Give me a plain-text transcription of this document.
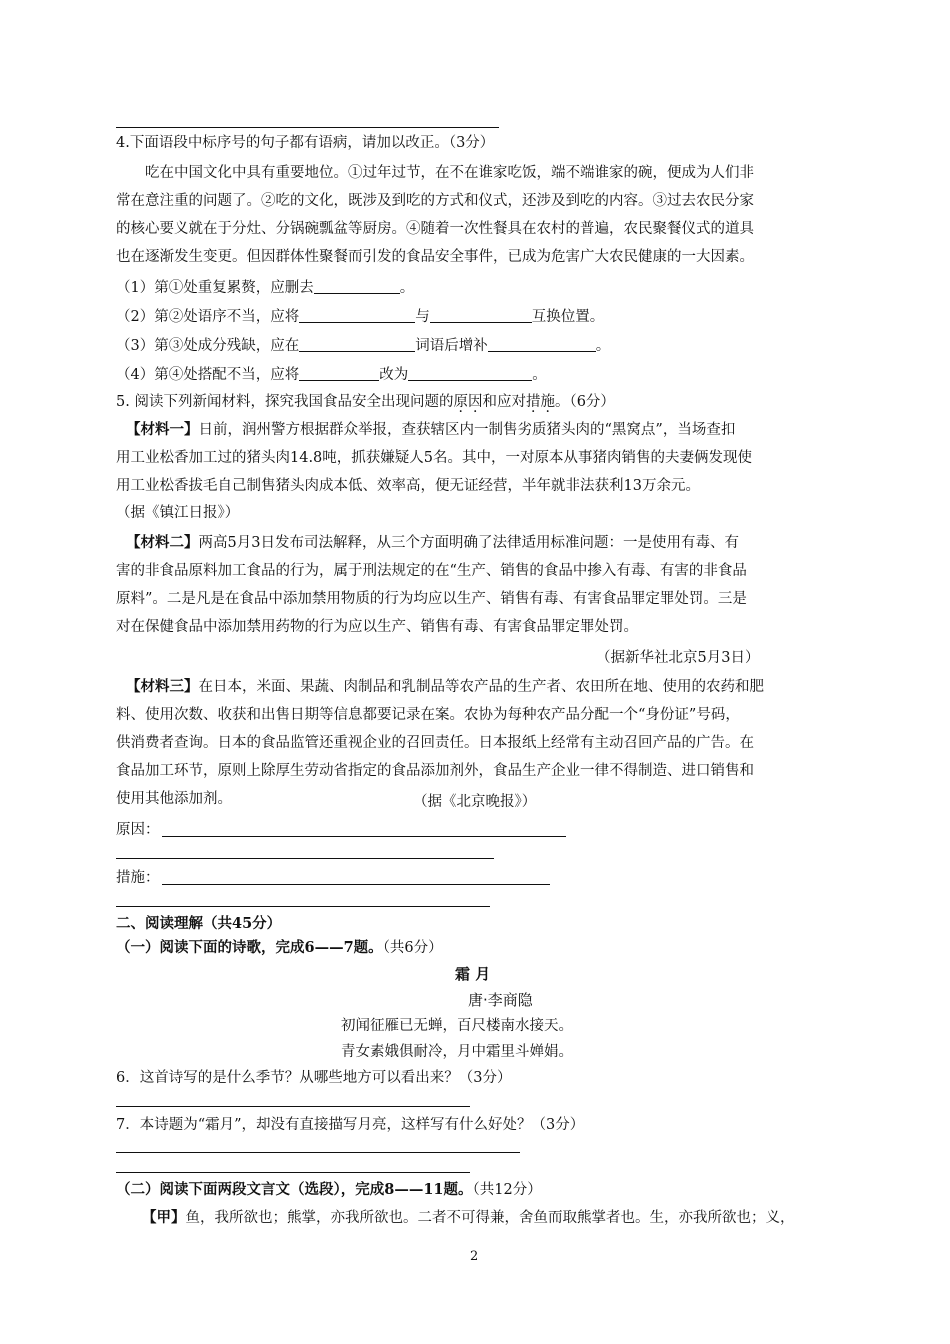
4.下面语段中标序号的句子都有语病，请加以改正。（3分）
吃在中国文化中具有重要地位。①过年过节，在不在谁家吃饭，端不端谁家的碗，便成为人们非
常在意注重的问题了。②吃的文化，既涉及到吃的方式和仪式，还涉及到吃的内容。③过去农民分家
的核心要义就在于分灶、分锅碗瓢盆等厨房。④随着一次性餐具在农村的普遍，农民聚餐仪式的道具
也在逐渐发生变更。但因群体性聚餐而引发的食品安全事件，已成为危害广大农民健康的一大因素。
（1）第①处重复累赘，应删去	。
（2）第②处语序不当，应将	与	互换位置。
（3）第③处成分残缺，应在	词语后增补	。
（4）第④处搭配不当，应将	改为	。
5. 阅读下列新闻材料，探究我国食品安全出现问题的原因和应对措施。（6分）
【材料一】日前，润州警方根据群众举报，查获辖区内一制售劣质猪头肉的“黑窝点”，当场查扣
用工业松香加工过的猪头肉14.8吨，抓获嫌疑人5名。其中，一对原本从事猪肉销售的夫妻俩发现使
用工业松香拔毛自己制售猪头肉成本低、效率高，便无证经营，半年就非法获利13万余元。
（据《镇江日报》）
【材料二】两高5月3日发布司法解释，从三个方面明确了法律适用标准问题：一是使用有毒、有
害的非食品原料加工食品的行为，属于刑法规定的在“生产、销售的食品中掺入有毒、有害的非食品
原料”。二是凡是在食品中添加禁用物质的行为均应以生产、销售有毒、有害食品罪定罪处罚。三是
对在保健食品中添加禁用药物的行为应以生产、销售有毒、有害食品罪定罪处罚。
（据新华社北京5月3日）
【材料三】在日本，米面、果蔬、肉制品和乳制品等农产品的生产者、农田所在地、使用的农药和肥
料、使用次数、收获和出售日期等信息都要记录在案。农协为每种农产品分配一个“身份证”号码，
供消费者查询。日本的食品监管还重视企业的召回责任。日本报纸上经常有主动召回产品的广告。在
食品加工环节，原则上除厚生劳动省指定的食品添加剂外，食品生产企业一律不得制造、进口销售和
使用其他添加剂。	（据《北京晚报》）
原因：
措施：
二、阅读理解（共45分）
（一）阅读下面的诗歌，完成6——7题。（共6分）
霜 月
唐·李商隐
初闻征雁已无蝉，百尺楼南水接天。
青女素娥俱耐冷，月中霜里斗婵娟。
6．这首诗写的是什么季节？从哪些地方可以看出来？（3分）
7．本诗题为“霜月”，却没有直接描写月亮，这样写有什么好处？（3分）
（二）阅读下面两段文言文（选段），完成8——11题。（共12分）
【甲】鱼，我所欲也；熊掌，亦我所欲也。二者不可得兼，舍鱼而取熊掌者也。生，亦我所欲也；义，
2
